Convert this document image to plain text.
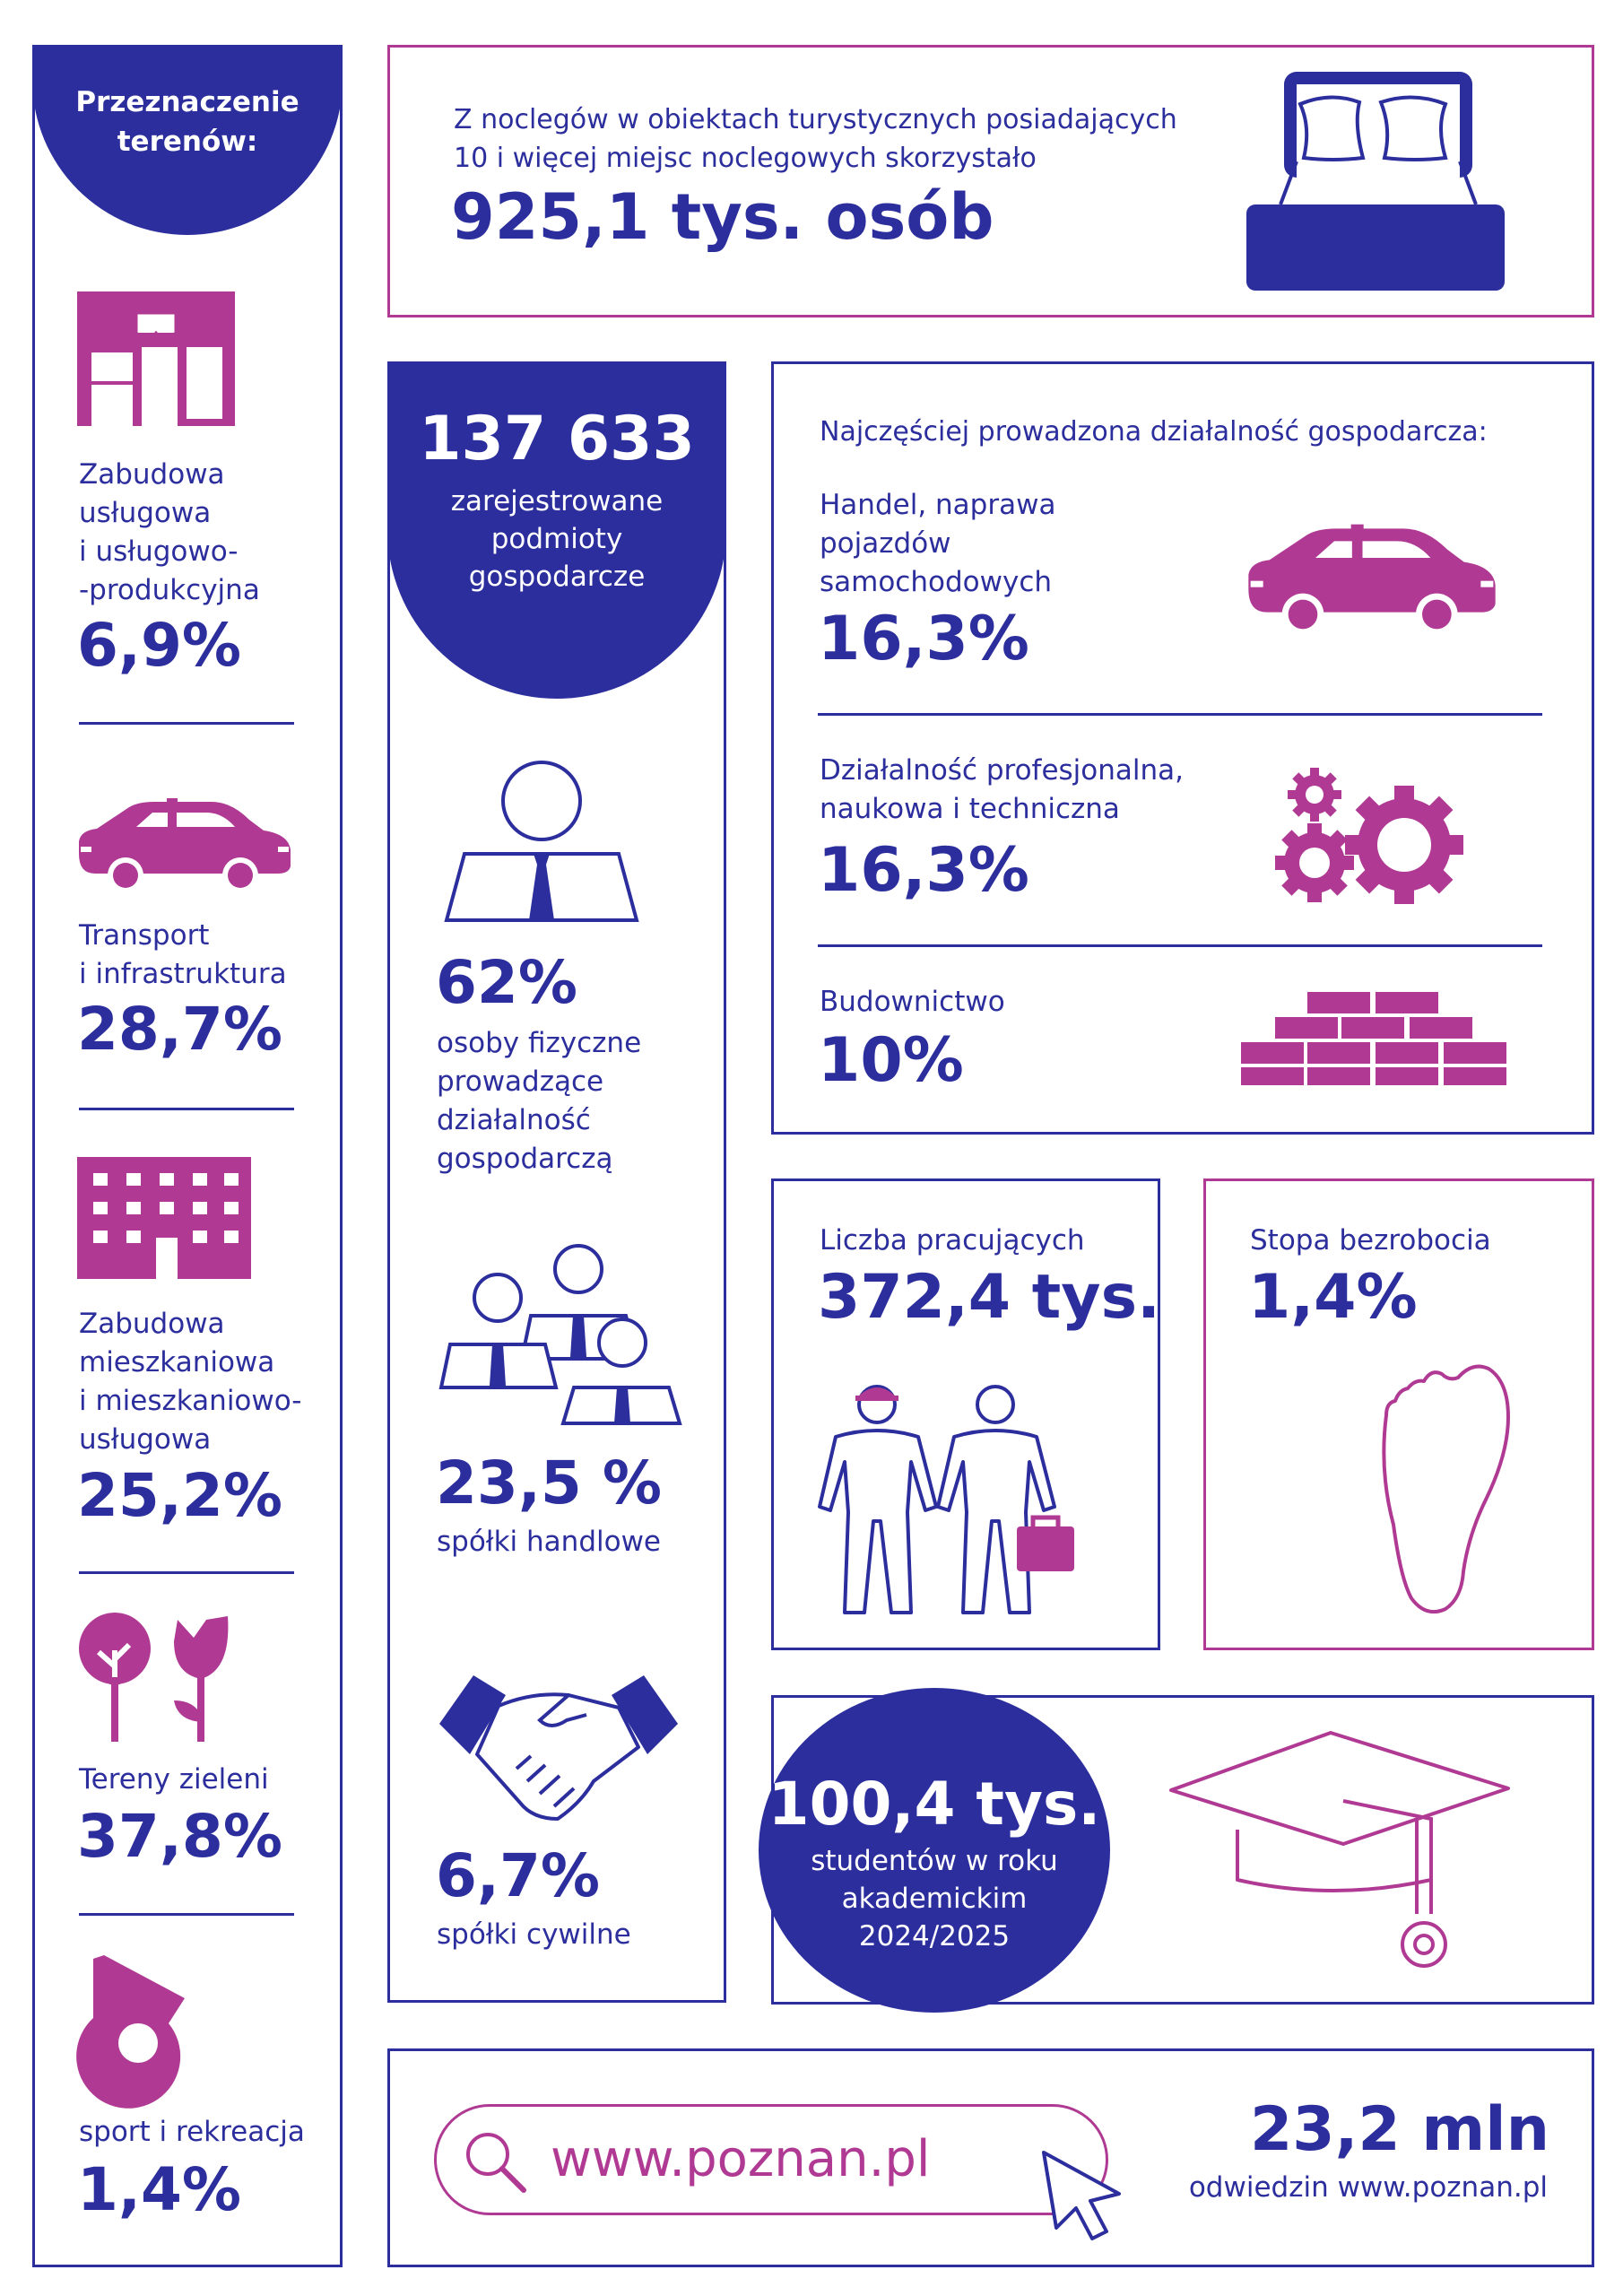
Przeznaczenie terenów:
Zabudowa
usługowa
i usługowo-
-produkcyjna
6,9%
Transport
i infrastruktura
28,7%
Zabudowa
mieszkaniowa
i mieszkaniowo-
usługowa
25,2%
Tereny zieleni
37,8%
sport i rekreacja
1,4%
Z noclegów w obiektach turystycznych posiadających
10 i więcej miejsc noclegowych skorzystało
925,1 tys. osób
137 633
zarejestrowane
podmioty
gospodarcze
62%
osoby fizyczne
prowadzące
działalność
gospodarczą
23,5 %
spółki handlowe
6,7%
spółki cywilne
Najczęściej prowadzona działalność gospodarcza:
Handel, naprawa
pojazdów
samochodowych
16,3%
Działalność profesjonalna,
naukowa i techniczna
16,3%
Budownictwo
10%
Liczba pracujących
372,4 tys.
Stopa bezrobocia
1,4%
100,4 tys.
studentów w roku
akademickim
2024/2025
www.poznan.pl	23,2 mln
odwiedzin www.poznan.pl
